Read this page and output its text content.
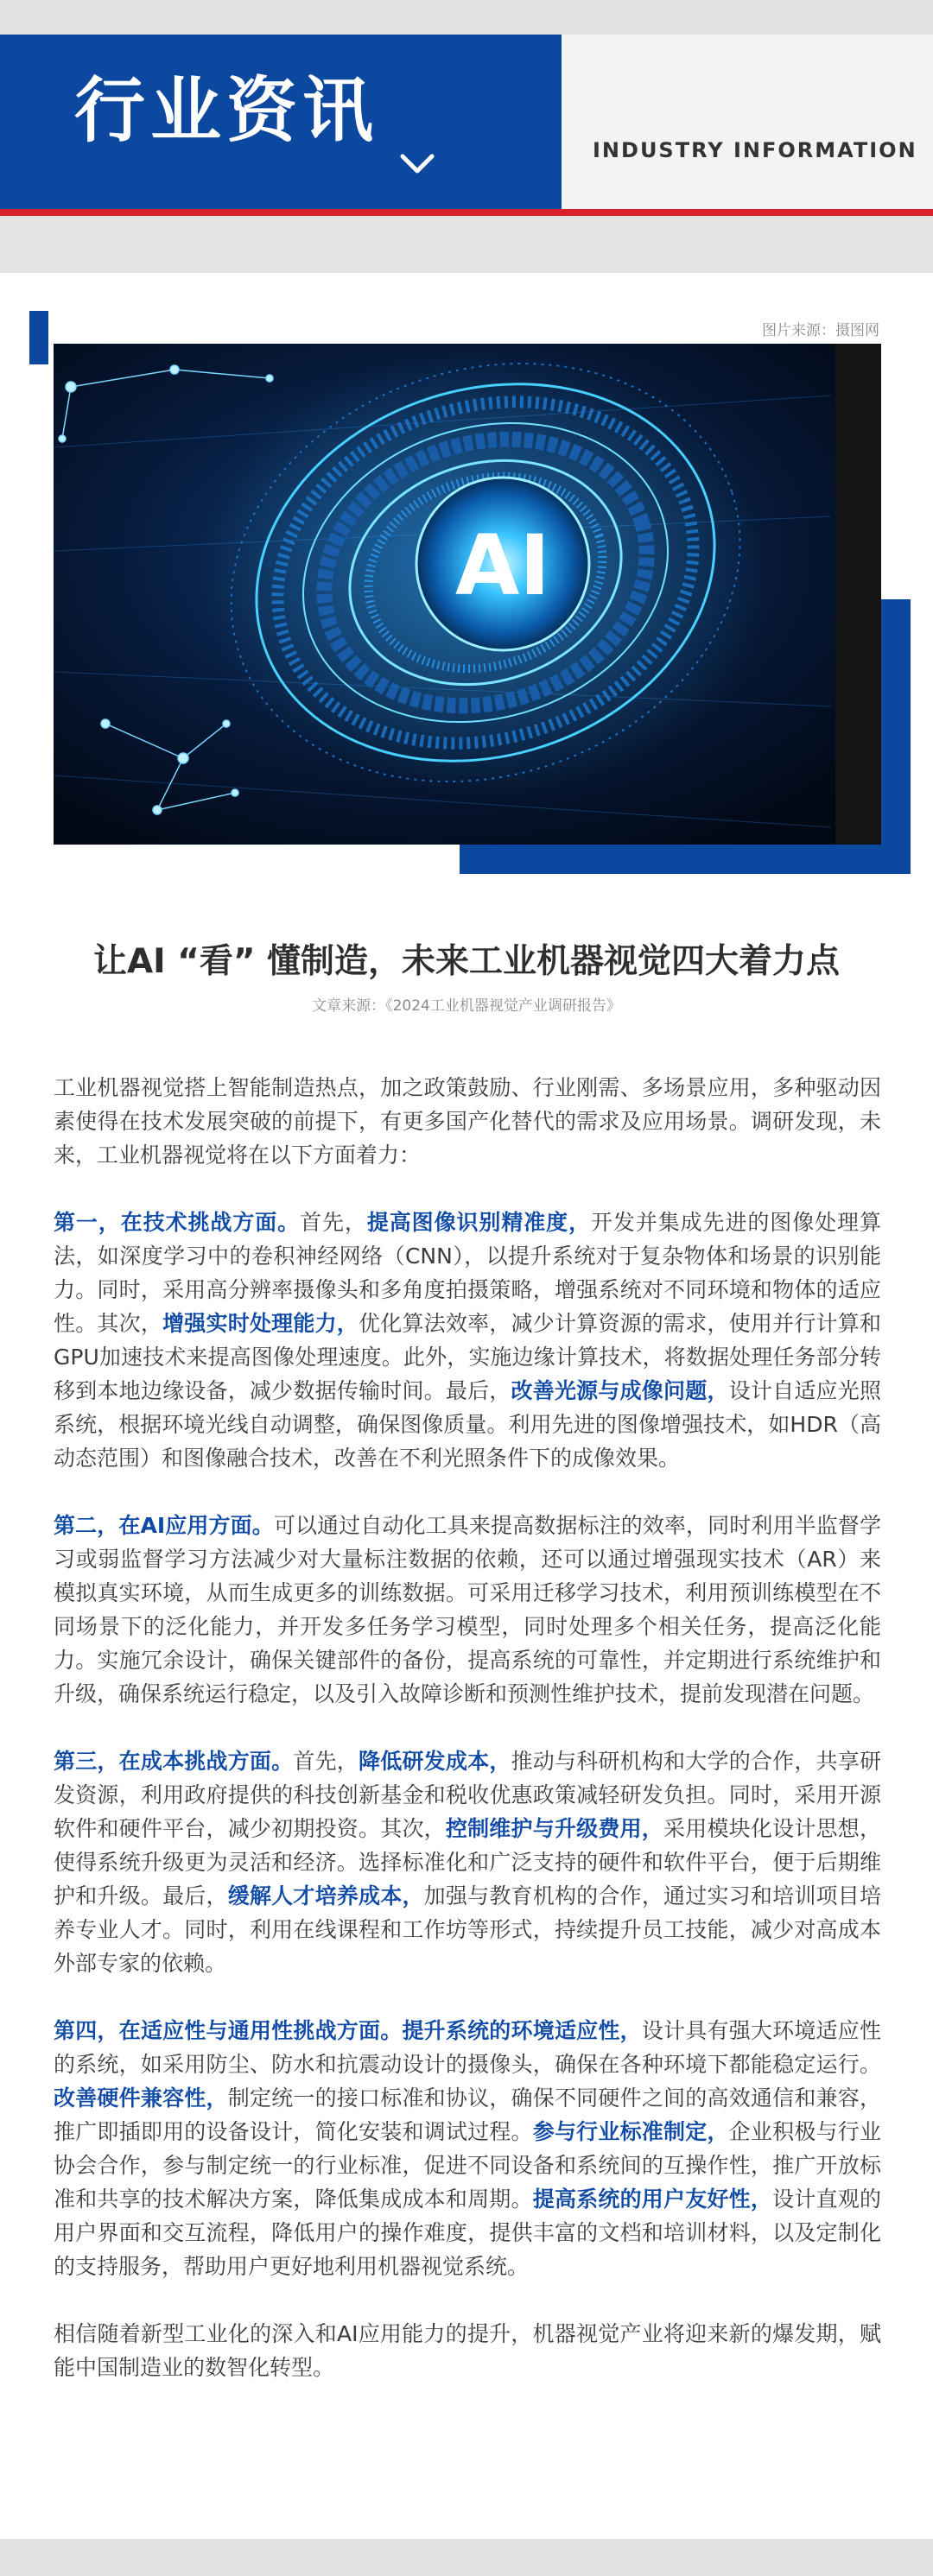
行业资讯	INDUSTRY INFORMATION
图片来源：摄图网
AI
让AI “看” 懂制造，未来工业机器视觉四大着力点
文章来源：《2024工业机器视觉产业调研报告》

工业机器视觉搭上智能制造热点，加之政策鼓励、行业刚需、多场景应用，多种驱动因素使得在技术发展突破的前提下，有更多国产化替代的需求及应用场景。调研发现，未来，工业机器视觉将在以下方面着力：

第一，在技术挑战方面。首先，提高图像识别精准度，开发并集成先进的图像处理算法，如深度学习中的卷积神经网络（CNN），以提升系统对于复杂物体和场景的识别能力。同时，采用高分辨率摄像头和多角度拍摄策略，增强系统对不同环境和物体的适应性。其次，增强实时处理能力，优化算法效率，减少计算资源的需求，使用并行计算和GPU加速技术来提高图像处理速度。此外，实施边缘计算技术，将数据处理任务部分转移到本地边缘设备，减少数据传输时间。最后，改善光源与成像问题，设计自适应光照系统，根据环境光线自动调整，确保图像质量。利用先进的图像增强技术，如HDR（高动态范围）和图像融合技术，改善在不利光照条件下的成像效果。

第二，在AI应用方面。可以通过自动化工具来提高数据标注的效率，同时利用半监督学习或弱监督学习方法减少对大量标注数据的依赖，还可以通过增强现实技术（AR）来模拟真实环境，从而生成更多的训练数据。可采用迁移学习技术，利用预训练模型在不同场景下的泛化能力，并开发多任务学习模型，同时处理多个相关任务，提高泛化能力。实施冗余设计，确保关键部件的备份，提高系统的可靠性，并定期进行系统维护和升级，确保系统运行稳定，以及引入故障诊断和预测性维护技术，提前发现潜在问题。

第三，在成本挑战方面。首先，降低研发成本，推动与科研机构和大学的合作，共享研发资源，利用政府提供的科技创新基金和税收优惠政策减轻研发负担。同时，采用开源软件和硬件平台，减少初期投资。其次，控制维护与升级费用，采用模块化设计思想，使得系统升级更为灵活和经济。选择标准化和广泛支持的硬件和软件平台，便于后期维护和升级。最后，缓解人才培养成本，加强与教育机构的合作，通过实习和培训项目培养专业人才。同时，利用在线课程和工作坊等形式，持续提升员工技能，减少对高成本外部专家的依赖。

第四，在适应性与通用性挑战方面。提升系统的环境适应性，设计具有强大环境适应性的系统，如采用防尘、防水和抗震动设计的摄像头，确保在各种环境下都能稳定运行。改善硬件兼容性，制定统一的接口标准和协议，确保不同硬件之间的高效通信和兼容，推广即插即用的设备设计，简化安装和调试过程。参与行业标准制定，企业积极与行业协会合作，参与制定统一的行业标准，促进不同设备和系统间的互操作性，推广开放标准和共享的技术解决方案，降低集成成本和周期。提高系统的用户友好性，设计直观的用户界面和交互流程，降低用户的操作难度，提供丰富的文档和培训材料，以及定制化的支持服务，帮助用户更好地利用机器视觉系统。

相信随着新型工业化的深入和AI应用能力的提升，机器视觉产业将迎来新的爆发期，赋能中国制造业的数智化转型。
